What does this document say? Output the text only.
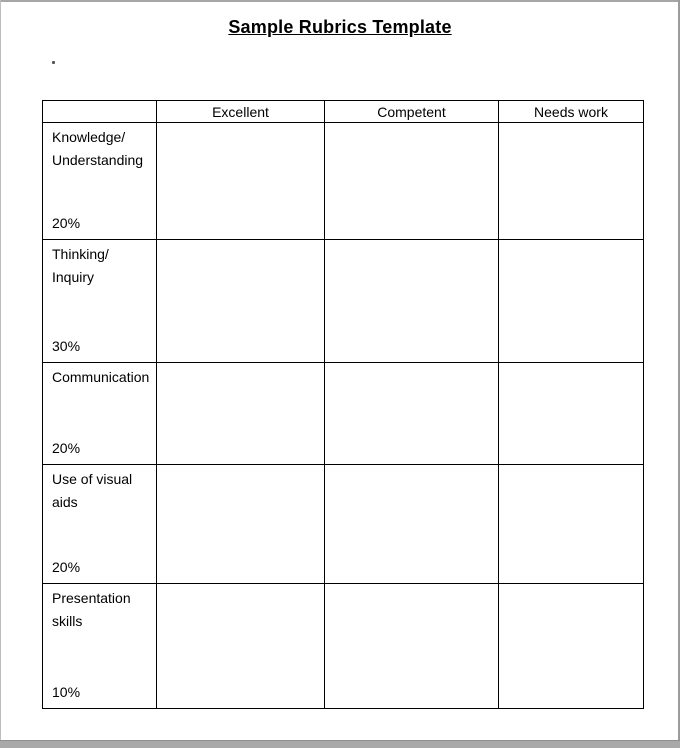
Sample Rubrics Template
	Excellent	Competent	Needs work

Knowledge/
Understanding
20%			

Thinking/
Inquiry
30%			

Communication
20%			

Use of visual
aids
20%			

Presentation
skills
10%			
